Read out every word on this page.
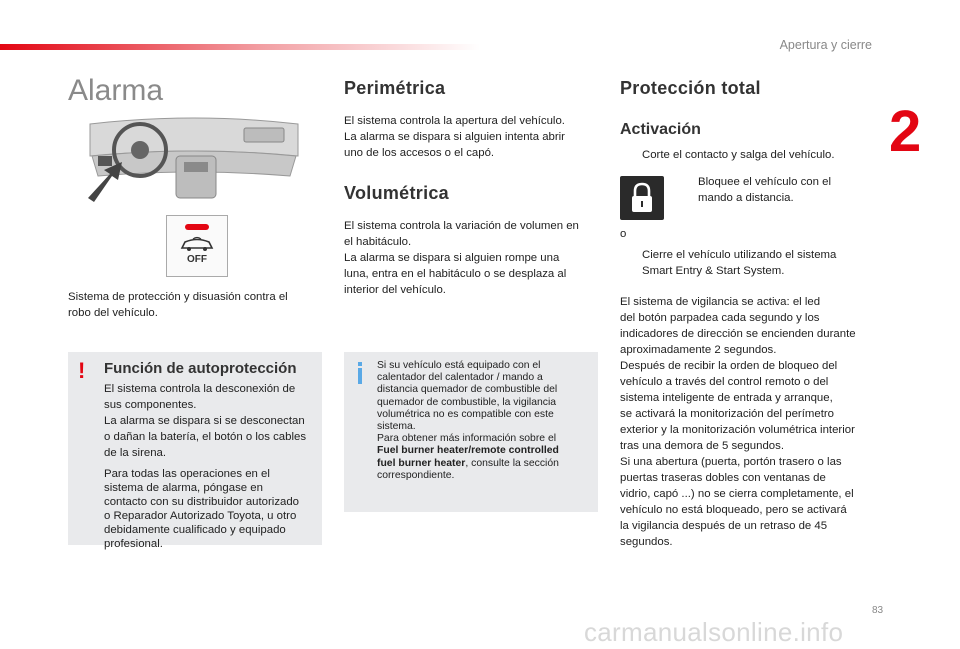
Apertura y cierre
2
83
carmanualsonline.info
Alarma
OFF

Sistema de protección y disuasión contra el

robo del vehículo.

! Función de autoprotección

El sistema controla la desconexión de

sus componentes.

La alarma se dispara si se desconectan

o dañan la batería, el botón o los cables

de la sirena.

Para todas las operaciones en el

sistema de alarma, póngase en

contacto con su distribuidor autorizado

o Reparador Autorizado Toyota, u otro

debidamente cualificado y equipado

profesional.

Perimétrica

El sistema controla la apertura del vehículo.

La alarma se dispara si alguien intenta abrir

uno de los accesos o el capó.

Volumétrica

El sistema controla la variación de volumen en

el habitáculo.

La alarma se dispara si alguien rompe una

luna, entra en el habitáculo o se desplaza al

interior del vehículo.

Si su vehículo está equipado con el
calentador del calentador / mando a
distancia quemador de combustible del
quemador de combustible, la vigilancia
volumétrica no es compatible con este
sistema.
Para obtener más información sobre el
Fuel burner heater/remote controlled
fuel burner heater, consulte la sección
correspondiente.
Protección total
Activación

Corte el contacto y salga del vehículo.

Bloquee el vehículo con el

mando a distancia.

o

Cierre el vehículo utilizando el sistema

Smart Entry & Start System.

El sistema de vigilancia se activa: el led

del botón parpadea cada segundo y los

indicadores de dirección se encienden durante

aproximadamente 2 segundos.

Después de recibir la orden de bloqueo del

vehículo a través del control remoto o del

sistema inteligente de entrada y arranque,

se activará la monitorización del perímetro

exterior y la monitorización volumétrica interior

tras una demora de 5 segundos.

Si una abertura (puerta, portón trasero o las

puertas traseras dobles con ventanas de

vidrio, capó ...) no se cierra completamente, el

vehículo no está bloqueado, pero se activará

la vigilancia después de un retraso de 45

segundos.
